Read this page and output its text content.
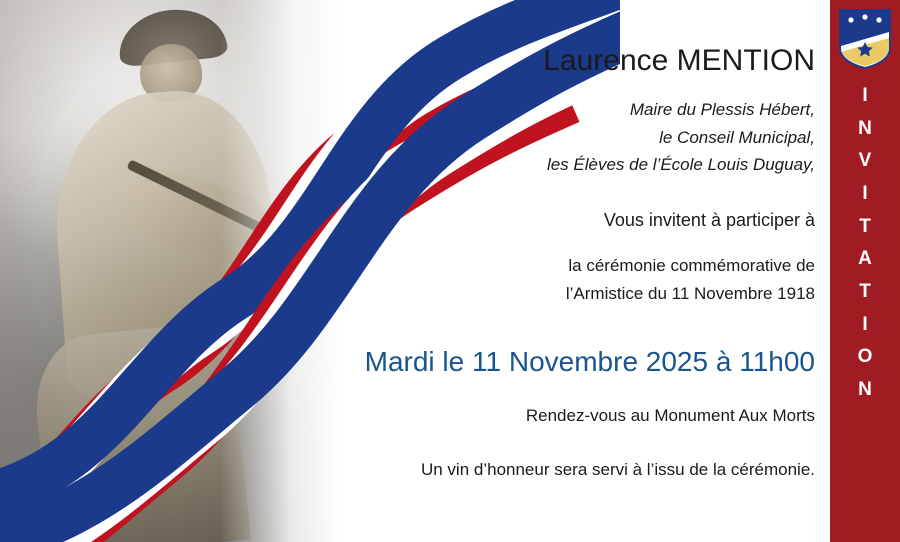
Laurence MENTION
Maire du Plessis Hébert,
le Conseil Municipal,
les Élèves de l’École Louis Duguay,
Vous invitent à participer à
la cérémonie commémorative de
l’Armistice du 11 Novembre 1918
Mardi le 11 Novembre 2025 à 11h00
Rendez-vous au Monument Aux Morts
Un vin d’honneur sera servi à l’issu de la cérémonie.
I
N
V
I
T
A
T
I
O
N
